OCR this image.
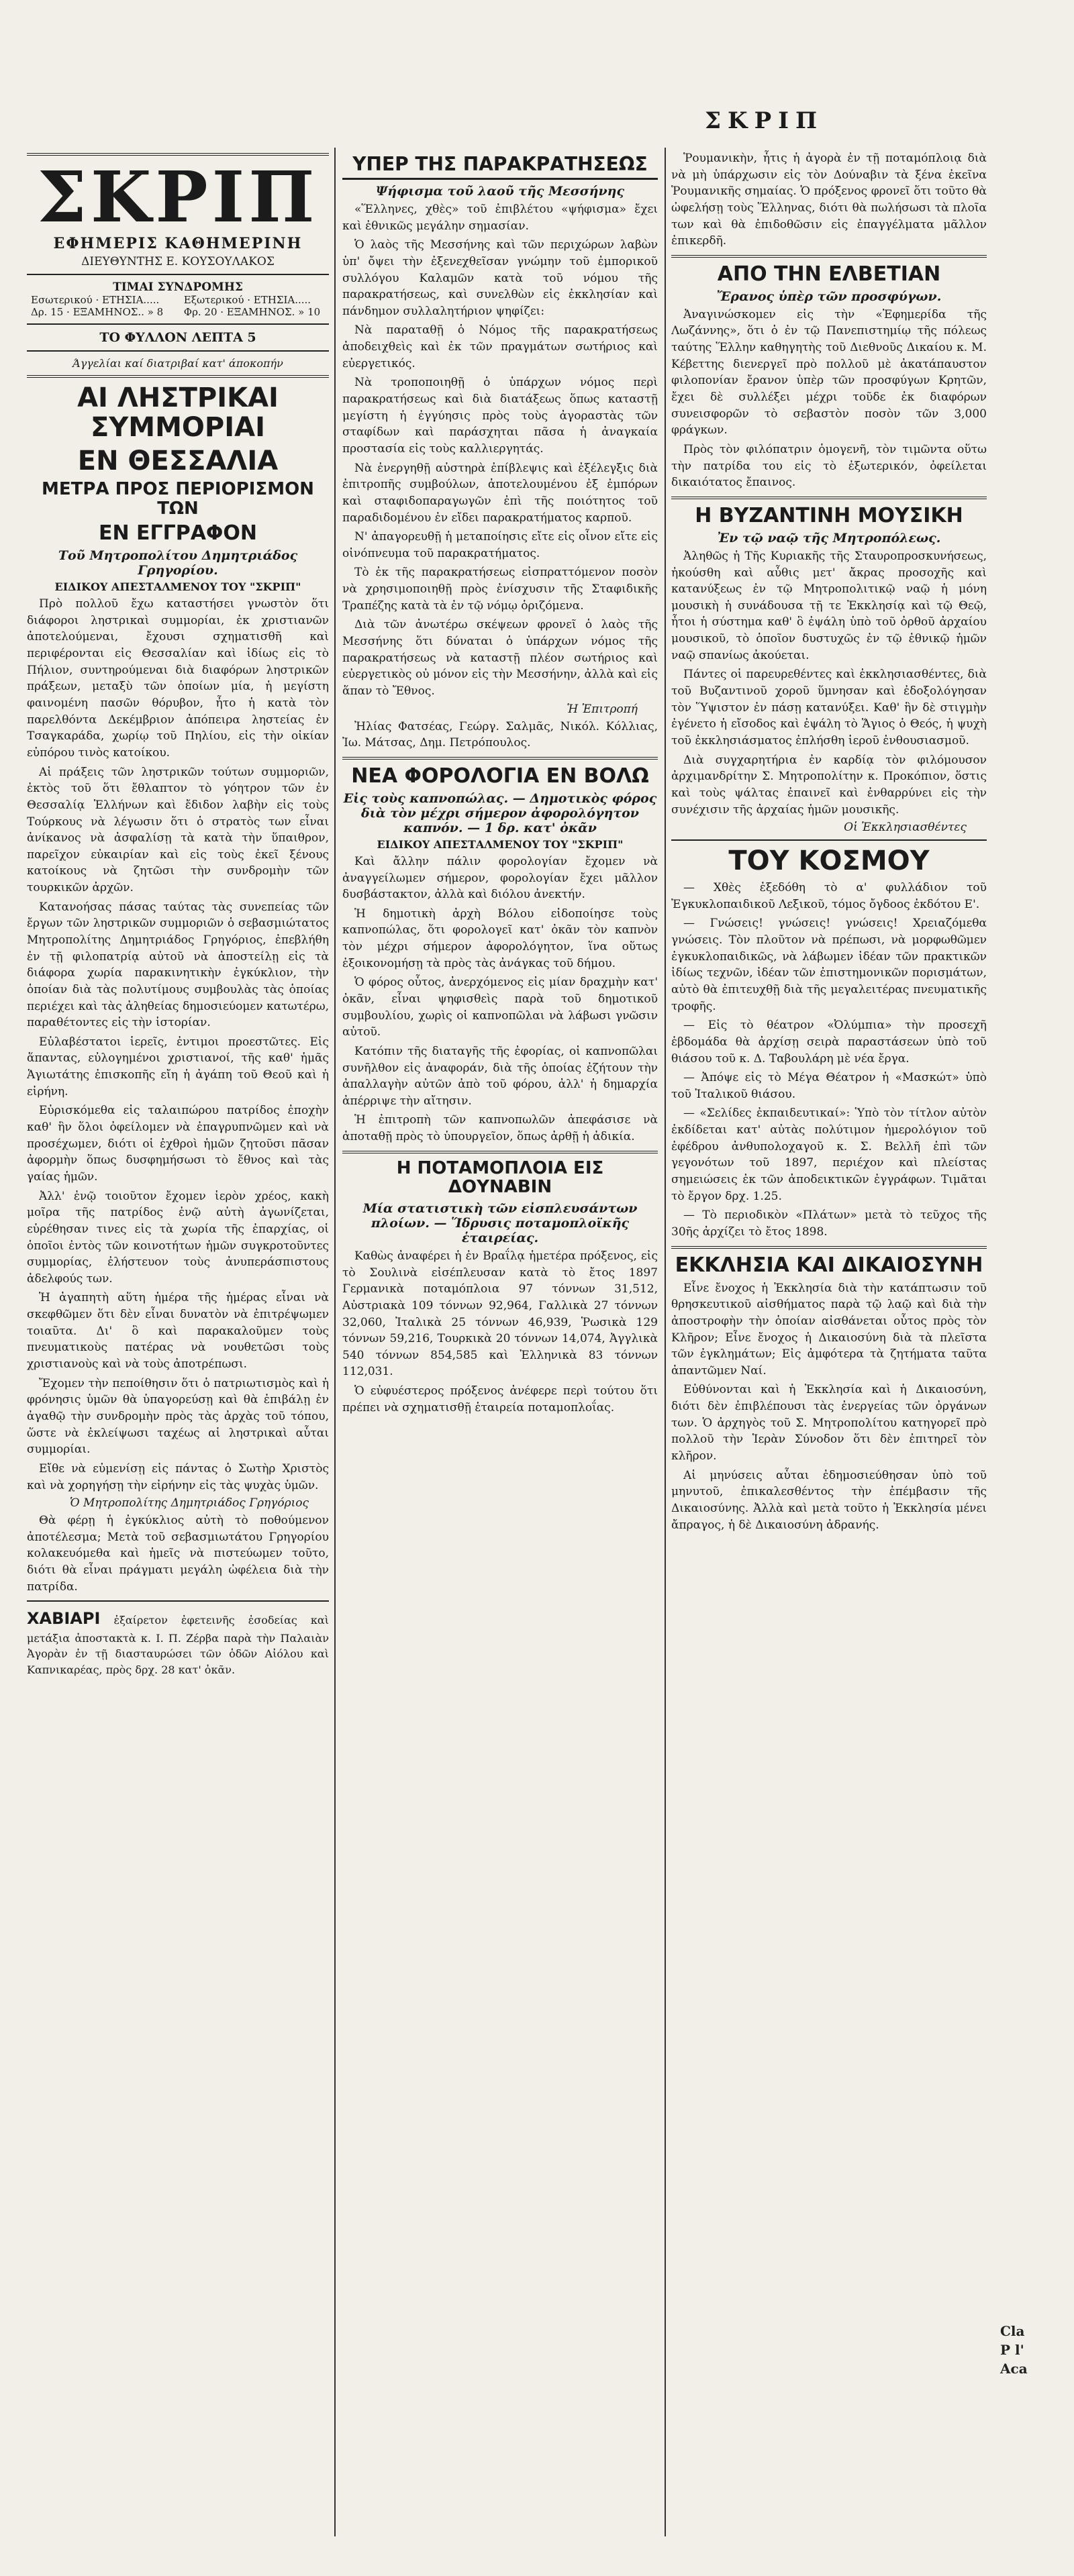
ΣΚΡΙΠ
ΣΚΡΙΠ
ΕΦΗΜΕΡΙΣ ΚΑΘΗΜΕΡΙΝΗ
ΔΙΕΥΘΥΝΤΗΣ Ε. ΚΟΥΣΟΥΛΑΚΟΣ
ΤΙΜΑΙ ΣΥΝΔΡΟΜΗΣ
Εσωτερικού · ΕΤΗΣΙΑ..... Δρ. 15 · ΕΞΑΜΗΝΟΣ.. » 8
Εξωτερικού · ΕΤΗΣΙΑ..... Φρ. 20 · ΕΞΑΜΗΝΟΣ. » 10
ΤΟ ΦΥΛΛΟΝ ΛΕΠΤΑ 5
Άγγελίαι καί διατριβαί κατ' άποκοπήν
ΑΙ ΛΗΣΤΡΙΚΑΙ ΣΥΜΜΟΡΙΑΙ
ΕΝ ΘΕΣΣΑΛΙΑ
ΜΕΤΡΑ ΠΡΟΣ ΠΕΡΙΟΡΙΣΜΟΝ ΤΩΝ
ΕΝ ΕΓΓΡΑΦΟΝ
Τοῦ Μητροπολίτου Δημητριάδος Γρηγορίου.
ΕΙΔΙΚΟΥ ΑΠΕΣΤΑΛΜΕΝΟΥ ΤΟΥ "ΣΚΡΙΠ"

Πρὸ πολλοῦ ἔχω καταστήσει γνωστὸν ὅτι διάφοροι ληστρικαὶ συμμορίαι, ἐκ χριστιανῶν ἀποτελούμεναι, ἔχουσι σχηματισθῆ καὶ περιφέρονται εἰς Θεσσαλίαν καὶ ἰδίως εἰς τὸ Πήλιον, συντηρούμεναι διὰ διαφόρων ληστρικῶν πράξεων, μεταξὺ τῶν ὁποίων μία, ἡ μεγίστη φαινομένη πασῶν θόρυβον, ἦτο ἡ κατὰ τὸν παρελθόντα Δεκέμβριον ἀπόπειρα ληστείας ἐν Τσαγκαράδα, χωρίῳ τοῦ Πηλίου, εἰς τὴν οἰκίαν εὐπόρου τινὸς κατοίκου.

Αἱ πράξεις τῶν ληστρικῶν τούτων συμμοριῶν, ἐκτὸς τοῦ ὅτι ἔθλαπτον τὸ γόητρον τῶν ἐν Θεσσαλίᾳ Ἑλλήνων καὶ ἔδιδον λαβὴν εἰς τοὺς Τούρκους νὰ λέγωσιν ὅτι ὁ στρατὸς των εἶναι ἀνίκανος νὰ ἀσφαλίσῃ τὰ κατὰ τὴν ὕπαιθρον, παρεῖχον εὐκαιρίαν καὶ εἰς τοὺς ἐκεῖ ξένους κατοίκους νὰ ζητῶσι τὴν συνδρομὴν τῶν τουρκικῶν ἀρχῶν.

Κατανοήσας πάσας ταύτας τὰς συνεπείας τῶν ἔργων τῶν ληστρικῶν συμμοριῶν ὁ σεβασμιώτατος Μητροπολίτης Δημητριάδος Γρηγόριος, ἐπεβλήθη ἐν τῇ φιλοπατρίᾳ αὐτοῦ νὰ ἀποστείλῃ εἰς τὰ διάφορα χωρία παρακινητικὴν ἐγκύκλιον, τὴν ὁποίαν διὰ τὰς πολυτίμους συμβουλὰς τὰς ὁποίας περιέχει καὶ τὰς ἀληθείας δημοσιεύομεν κατωτέρω, παραθέτοντες εἰς τὴν ἱστορίαν.

Εὐλαβέστατοι ἱερεῖς, ἐντιμοι προεστῶτες. Εἰς ἅπαντας, εὐλογημένοι χριστιανοί, τῆς καθ' ἡμᾶς Ἁγιωτάτης ἐπισκοπῆς εἴη ἡ ἀγάπη τοῦ Θεοῦ καὶ ἡ εἰρήνη.

Εὐρισκόμεθα εἰς ταλαιπώρου πατρίδος ἐποχὴν καθ' ἣν ὅλοι ὀφείλομεν νὰ ἐπαγρυπνῶμεν καὶ νὰ προσέχωμεν, διότι οἱ ἐχθροὶ ἡμῶν ζητοῦσι πᾶσαν ἀφορμὴν ὅπως δυσφημήσωσι τὸ ἔθνος καὶ τὰς γαίας ἡμῶν.

Ἀλλ' ἐνῷ τοιοῦτον ἔχομεν ἱερὸν χρέος, κακὴ μοῖρα τῆς πατρίδος ἐνῷ αὐτὴ ἀγωνίζεται, εὑρέθησαν τινες εἰς τὰ χωρία τῆς ἐπαρχίας, οἱ ὁποῖοι ἐντὸς τῶν κοινοτήτων ἡμῶν συγκροτοῦντες συμμορίας, ἐλήστευον τοὺς ἀνυπεράσπιστους ἀδελφούς των.

Ἡ ἀγαπητὴ αὕτη ἡμέρα τῆς ἡμέρας εἶναι νὰ σκεφθῶμεν ὅτι δὲν εἶναι δυνατὸν νὰ ἐπιτρέψωμεν τοιαῦτα. Δι' ὃ καὶ παρακαλοῦμεν τοὺς πνευματικοὺς πατέρας νὰ νουθετῶσι τοὺς χριστιανοὺς καὶ νὰ τοὺς ἀποτρέπωσι.

Ἔχομεν τὴν πεποίθησιν ὅτι ὁ πατριωτισμὸς καὶ ἡ φρόνησις ὑμῶν θὰ ὑπαγορεύσῃ καὶ θὰ ἐπιβάλῃ ἐν ἀγαθῷ τὴν συνδρομὴν πρὸς τὰς ἀρχὰς τοῦ τόπου, ὥστε νὰ ἐκλείψωσι ταχέως αἱ ληστρικαὶ αὗται συμμορίαι.

Εἴθε νὰ εὐμενίσῃ εἰς πάντας ὁ Σωτὴρ Χριστὸς καὶ νὰ χορηγήσῃ τὴν εἰρήνην εἰς τὰς ψυχὰς ὑμῶν.

Ὁ Μητροπολίτης Δημητριάδος Γρηγόριος

Θὰ φέρῃ ἡ ἐγκύκλιος αὐτὴ τὸ ποθούμενον ἀποτέλεσμα; Μετὰ τοῦ σεβασμιωτάτου Γρηγορίου κολακευόμεθα καὶ ἡμεῖς νὰ πιστεύωμεν τοῦτο, διότι θὰ εἶναι πράγματι μεγάλη ὠφέλεια διὰ τὴν πατρίδα.

ΧΑΒΙΑΡΙ ἐξαίρετον ἐφετεινῆς ἐσοδείας καὶ μετάξια ἀποστακτὰ κ. Ι. Π. Ζέρβα παρὰ τὴν Παλαιὰν Ἀγορὰν ἐν τῇ διασταυρώσει τῶν ὁδῶν Αἰόλου καὶ Καπνικαρέας, πρὸς δρχ. 28 κατ' ὀκᾶν.
ΥΠΕΡ ΤΗΣ ΠΑΡΑΚΡΑΤΗΣΕΩΣ
Ψήφισμα τοῦ λαοῦ τῆς Μεσσήνης

«Ἕλληνες, χθὲς» τοῦ ἐπιβλέτου «ψήφισμα» ἔχει καὶ ἐθνικῶς μεγάλην σημασίαν.

Ὁ λαὸς τῆς Μεσσήνης καὶ τῶν περιχώρων λαβὼν ὑπ' ὄψει τὴν ἐξενεχθεῖσαν γνώμην τοῦ ἐμπορικοῦ συλλόγου Καλαμῶν κατὰ τοῦ νόμου τῆς παρακρατήσεως, καὶ συνελθὼν εἰς ἐκκλησίαν καὶ πάνδημον συλλαλητήριον ψηφίζει:

Νὰ παραταθῇ ὁ Νόμος τῆς παρακρατήσεως ἀποδειχθεὶς καὶ ἐκ τῶν πραγμάτων σωτήριος καὶ εὐεργετικός.

Νὰ τροποποιηθῇ ὁ ὑπάρχων νόμος περὶ παρακρατήσεως καὶ διὰ διατάξεως ὅπως καταστῇ μεγίστη ἡ ἐγγύησις πρὸς τοὺς ἀγοραστὰς τῶν σταφίδων καὶ παράσχηται πᾶσα ἡ ἀναγκαία προστασία εἰς τοὺς καλλιεργητάς.

Νὰ ἐνεργηθῇ αὐστηρὰ ἐπίβλεψις καὶ ἐξέλεγξις διὰ ἐπιτροπῆς συμβούλων, ἀποτελουμένου ἐξ ἐμπόρων καὶ σταφιδοπαραγωγῶν ἐπὶ τῆς ποιότητος τοῦ παραδιδομένου ἐν εἴδει παρακρατήματος καρποῦ.

Ν' ἀπαγορευθῇ ἡ μεταποίησις εἴτε εἰς οἶνον εἴτε εἰς οἰνόπνευμα τοῦ παρακρατήματος.

Τὸ ἐκ τῆς παρακρατήσεως εἰσπραττόμενον ποσὸν νὰ χρησιμοποιηθῇ πρὸς ἐνίσχυσιν τῆς Σταφιδικῆς Τραπέζης κατὰ τὰ ἐν τῷ νόμῳ ὁριζόμενα.

Διὰ τῶν ἀνωτέρω σκέψεων φρονεῖ ὁ λαὸς τῆς Μεσσήνης ὅτι δύναται ὁ ὑπάρχων νόμος τῆς παρακρατήσεως νὰ καταστῇ πλέον σωτήριος καὶ εὐεργετικὸς οὐ μόνον εἰς τὴν Μεσσήνην, ἀλλὰ καὶ εἰς ἅπαν τὸ Ἔθνος.

Ἡ Ἐπιτροπή

Ἠλίας Φατσέας, Γεώργ. Σαλμᾶς, Νικόλ. Κόλλιας, Ἰω. Μάτσας, Δημ. Πετρόπουλος.

ΝΕΑ ΦΟΡΟΛΟΓΙΑ ΕΝ ΒΟΛΩ
Εἰς τοὺς καπνοπώλας. — Δημοτικὸς φόρος διὰ τὸν μέχρι σήμερον ἀφορολόγητον καπνόν. — 1 δρ. κατ' ὀκᾶν
ΕΙΔΙΚΟΥ ΑΠΕΣΤΑΛΜΕΝΟΥ ΤΟΥ "ΣΚΡΙΠ"

Καὶ ἄλλην πάλιν φορολογίαν ἔχομεν νὰ ἀναγγείλωμεν σήμερον, φορολογίαν ἔχει μᾶλλον δυσβάστακτον, ἀλλὰ καὶ διόλου ἀνεκτήν.

Ἡ δημοτικὴ ἀρχὴ Βόλου εἰδοποίησε τοὺς καπνοπώλας, ὅτι φορολογεῖ κατ' ὀκᾶν τὸν καπνὸν τὸν μέχρι σήμερον ἀφορολόγητον, ἵνα οὕτως ἐξοικονομήσῃ τὰ πρὸς τὰς ἀνάγκας τοῦ δήμου.

Ὁ φόρος οὗτος, ἀνερχόμενος εἰς μίαν δραχμὴν κατ' ὀκᾶν, εἶναι ψηφισθεὶς παρὰ τοῦ δημοτικοῦ συμβουλίου, χωρὶς οἱ καπνοπῶλαι νὰ λάβωσι γνῶσιν αὐτοῦ.

Κατόπιν τῆς διαταγῆς τῆς ἐφορίας, οἱ καπνοπῶλαι συνῆλθον εἰς ἀναφοράν, διὰ τῆς ὁποίας ἐζήτουν τὴν ἀπαλλαγὴν αὐτῶν ἀπὸ τοῦ φόρου, ἀλλ' ἡ δημαρχία ἀπέρριψε τὴν αἴτησιν.

Ἡ ἐπιτροπὴ τῶν καπνοπωλῶν ἀπεφάσισε νὰ ἀποταθῇ πρὸς τὸ ὑπουργεῖον, ὅπως ἀρθῇ ἡ ἀδικία.

Η ΠΟΤΑΜΟΠΛΟΙΑ ΕΙΣ ΔΟΥΝΑΒΙΝ
Μία στατιστικὴ τῶν εἰσπλευσάντων πλοίων. — Ἵδρυσις ποταμοπλοϊκῆς ἑταιρείας.

Καθὼς ἀναφέρει ἡ ἐν Βραΐλᾳ ἡμετέρα πρόξενος, εἰς τὸ Σουλινὰ εἰσέπλευσαν κατὰ τὸ ἔτος 1897 Γερμανικὰ ποταμόπλοια 97 τόννων 31,512, Αὐστριακὰ 109 τόννων 92,964, Γαλλικὰ 27 τόννων 32,060, Ἰταλικὰ 25 τόννων 46,939, Ῥωσικὰ 129 τόννων 59,216, Τουρκικὰ 20 τόννων 14,074, Ἀγγλικὰ 540 τόννων 854,585 καὶ Ἑλληνικὰ 83 τόννων 112,031.

Ὁ εὐφυέστερος πρόξενος ἀνέφερε περὶ τούτου ὅτι πρέπει νὰ σχηματισθῇ ἑταιρεία ποταμοπλοΐας.

Ῥουμανικὴν, ἧτις ἡ ἀγορὰ ἐν τῇ ποταμόπλοιᾳ διὰ νὰ μὴ ὑπάρχωσιν εἰς τὸν Δούναβιν τὰ ξένα ἐκεῖνα Ῥουμανικῆς σημαίας. Ὁ πρόξενος φρονεῖ ὅτι τοῦτο θὰ ὠφελήσῃ τοὺς Ἕλληνας, διότι θὰ πωλήσωσι τὰ πλοῖα των καὶ θὰ ἐπιδοθῶσιν εἰς ἐπαγγέλματα μᾶλλον ἐπικερδῆ.

ΑΠΟ ΤΗΝ ΕΛΒΕΤΙΑΝ
Ἔρανος ὑπὲρ τῶν προσφύγων.

Ἀναγινώσκομεν εἰς τὴν «Ἐφημερίδα τῆς Λωζάννης», ὅτι ὁ ἐν τῷ Πανεπιστημίῳ τῆς πόλεως ταύτης Ἕλλην καθηγητὴς τοῦ Διεθνοῦς Δικαίου κ. Μ. Κέβεττης διενεργεῖ πρὸ πολλοῦ μὲ ἀκατάπαυστον φιλοπονίαν ἔρανον ὑπὲρ τῶν προσφύγων Κρητῶν, ἔχει δὲ συλλέξει μέχρι τοῦδε ἐκ διαφόρων συνεισφορῶν τὸ σεβαστὸν ποσὸν τῶν 3,000 φράγκων.

Πρὸς τὸν φιλόπατριν ὁμογενῆ, τὸν τιμῶντα οὕτω τὴν πατρίδα του εἰς τὸ ἐξωτερικόν, ὀφείλεται δικαιότατος ἔπαινος.

Η ΒΥΖΑΝΤΙΝΗ ΜΟΥΣΙΚΗ
Ἐν τῷ ναῷ τῆς Μητροπόλεως.

Ἀληθῶς ἡ Τῆς Κυριακῆς τῆς Σταυροπροσκυνήσεως, ἠκούσθη καὶ αὖθις μετ' ἄκρας προσοχῆς καὶ κατανύξεως ἐν τῷ Μητροπολιτικῷ ναῷ ἡ μόνη μουσικὴ ἡ συνάδουσα τῇ τε Ἐκκλησίᾳ καὶ τῷ Θεῷ, ἦτοι ἡ σύστημα καθ' ὃ ἐψάλη ὑπὸ τοῦ ὀρθοῦ ἀρχαίου μουσικοῦ, τὸ ὁποῖον δυστυχῶς ἐν τῷ ἐθνικῷ ἡμῶν ναῷ σπανίως ἀκούεται.

Πάντες οἱ παρευρεθέντες καὶ ἐκκλησιασθέντες, διὰ τοῦ Βυζαντινοῦ χοροῦ ὕμνησαν καὶ ἐδοξολόγησαν τὸν Ὕψιστον ἐν πάσῃ κατανύξει. Καθ' ἣν δὲ στιγμὴν ἐγένετο ἡ εἴσοδος καὶ ἐψάλη τὸ Ἅγιος ὁ Θεός, ἡ ψυχὴ τοῦ ἐκκλησιάσματος ἐπλήσθη ἱεροῦ ἐνθουσιασμοῦ.

Διὰ συγχαρητήρια ἐν καρδίᾳ τὸν φιλόμουσον ἀρχιμανδρίτην Σ. Μητροπολίτην κ. Προκόπιον, ὅστις καὶ τοὺς ψάλτας ἐπαινεῖ καὶ ἐνθαρρύνει εἰς τὴν συνέχισιν τῆς ἀρχαίας ἡμῶν μουσικῆς.

Οἱ Ἐκκλησιασθέντες
ΤΟΥ ΚΟΣΜΟΥ

— Χθὲς ἐξεδόθη τὸ α' φυλλάδιον τοῦ Ἐγκυκλοπαιδικοῦ Λεξικοῦ, τόμος ὄγδοος ἐκδότου Ε'.

— Γνώσεις! γνώσεις! γνώσεις! Χρειαζόμεθα γνώσεις. Τὸν πλοῦτον νὰ πρέπωσι, νὰ μορφωθῶμεν ἐγκυκλοπαιδικῶς, νὰ λάβωμεν ἰδέαν τῶν πρακτικῶν ἰδίως τεχνῶν, ἰδέαν τῶν ἐπιστημονικῶν πορισμάτων, αὐτὸ θὰ ἐπιτευχθῇ διὰ τῆς μεγαλειτέρας πνευματικῆς τροφῆς.

— Εἰς τὸ θέατρον «Ὀλύμπια» τὴν προσεχῆ ἑβδομάδα θὰ ἀρχίσῃ σειρὰ παραστάσεων ὑπὸ τοῦ θιάσου τοῦ κ. Δ. Ταβουλάρη μὲ νέα ἔργα.

— Ἀπόψε εἰς τὸ Μέγα Θέατρον ἡ «Μασκώτ» ὑπὸ τοῦ Ἰταλικοῦ θιάσου.

— «Σελίδες ἐκπαιδευτικαί»: Ὑπὸ τὸν τίτλον αὐτὸν ἐκδίδεται κατ' αὐτὰς πολύτιμον ἡμερολόγιον τοῦ ἐφέδρου ἀνθυπολοχαγοῦ κ. Σ. Βελλῆ ἐπὶ τῶν γεγονότων τοῦ 1897, περιέχον καὶ πλείστας σημειώσεις ἐκ τῶν ἀποδεικτικῶν ἐγγράφων. Τιμᾶται τὸ ἔργον δρχ. 1.25.

— Τὸ περιοδικὸν «Πλάτων» μετὰ τὸ τεῦχος τῆς 30ῆς ἀρχίζει τὸ ἔτος 1898.

ΕΚΚΛΗΣΙΑ ΚΑΙ ΔΙΚΑΙΟΣΥΝΗ

Εἶνε ἔνοχος ἡ Ἐκκλησία διὰ τὴν κατάπτωσιν τοῦ θρησκευτικοῦ αἰσθήματος παρὰ τῷ λαῷ καὶ διὰ τὴν ἀποστροφὴν τὴν ὁποίαν αἰσθάνεται οὗτος πρὸς τὸν Κλῆρον; Εἶνε ἔνοχος ἡ Δικαιοσύνη διὰ τὰ πλεῖστα τῶν ἐγκλημάτων; Εἰς ἀμφότερα τὰ ζητήματα ταῦτα ἀπαντῶμεν Ναί.

Εὐθύνονται καὶ ἡ Ἐκκλησία καὶ ἡ Δικαιοσύνη, διότι δὲν ἐπιβλέπουσι τὰς ἐνεργείας τῶν ὀργάνων των. Ὁ ἀρχηγὸς τοῦ Σ. Μητροπολίτου κατηγορεῖ πρὸ πολλοῦ τὴν Ἱερὰν Σύνοδον ὅτι δὲν ἐπιτηρεῖ τὸν κλῆρον.

Αἱ μηνύσεις αὗται ἐδημοσιεύθησαν ὑπὸ τοῦ μηνυτοῦ, ἐπικαλεσθέντος τὴν ἐπέμβασιν τῆς Δικαιοσύνης. Ἀλλὰ καὶ μετὰ τοῦτο ἡ Ἐκκλησία μένει ἄπραγος, ἡ δὲ Δικαιοσύνη ἀδρανής.

Cla P l' Aca
